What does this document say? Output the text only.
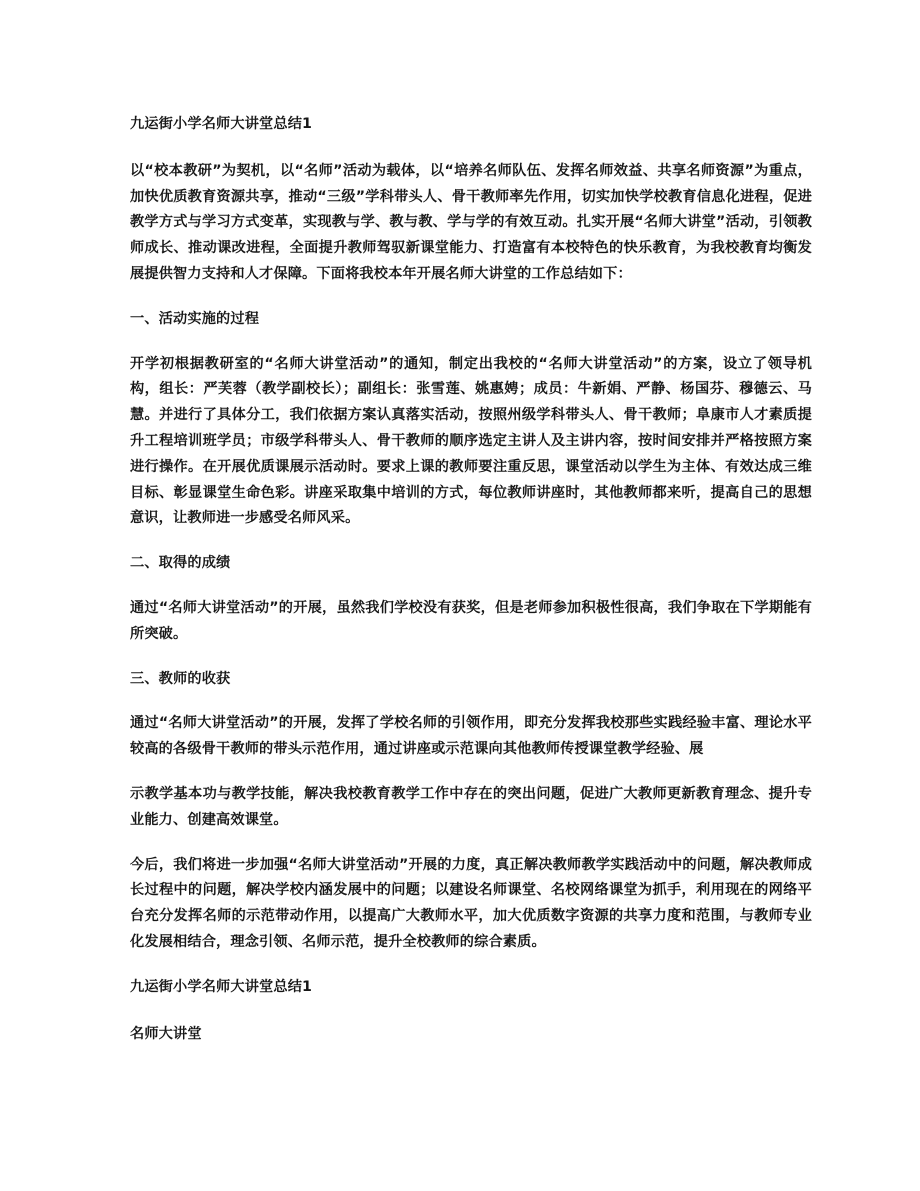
九运街小学名师大讲堂总结1

以“校本教研”为契机，以“名师”活动为载体，以“培养名师队伍、发挥名师效益、共享名师资源”为重点，加快优质教育资源共享，推动“三级”学科带头人、骨干教师率先作用，切实加快学校教育信息化进程，促进教学方式与学习方式变革，实现教与学、教与教、学与学的有效互动。扎实开展“名师大讲堂”活动，引领教师成长、推动课改进程，全面提升教师驾驭新课堂能力、打造富有本校特色的快乐教育，为我校教育均衡发展提供智力支持和人才保障。下面将我校本年开展名师大讲堂的工作总结如下：

一、活动实施的过程

开学初根据教研室的“名师大讲堂活动”的通知，制定出我校的“名师大讲堂活动”的方案，设立了领导机构，组长：严芙蓉（教学副校长）；副组长：张雪莲、姚惠娉；成员：牛新娟、严静、杨国芬、穆德云、马慧。并进行了具体分工，我们依据方案认真落实活动，按照州级学科带头人、骨干教师；阜康市人才素质提升工程培训班学员；市级学科带头人、骨干教师的顺序选定主讲人及主讲内容，按时间安排并严格按照方案进行操作。在开展优质课展示活动时。要求上课的教师要注重反思，课堂活动以学生为主体、有效达成三维目标、彰显课堂生命色彩。讲座采取集中培训的方式，每位教师讲座时，其他教师都来听，提高自己的思想意识，让教师进一步感受名师风采。

二、取得的成绩

通过“名师大讲堂活动”的开展，虽然我们学校没有获奖，但是老师参加积极性很高，我们争取在下学期能有所突破。

三、教师的收获

通过“名师大讲堂活动”的开展，发挥了学校名师的引领作用，即充分发挥我校那些实践经验丰富、理论水平较高的各级骨干教师的带头示范作用，通过讲座或示范课向其他教师传授课堂教学经验、展

示教学基本功与教学技能，解决我校教育教学工作中存在的突出问题，促进广大教师更新教育理念、提升专业能力、创建高效课堂。

今后，我们将进一步加强“名师大讲堂活动”开展的力度，真正解决教师教学实践活动中的问题，解决教师成长过程中的问题，解决学校内涵发展中的问题；以建设名师课堂、名校网络课堂为抓手，利用现在的网络平台充分发挥名师的示范带动作用，以提高广大教师水平，加大优质数字资源的共享力度和范围，与教师专业化发展相结合，理念引领、名师示范，提升全校教师的综合素质。

九运街小学名师大讲堂总结1

名师大讲堂
